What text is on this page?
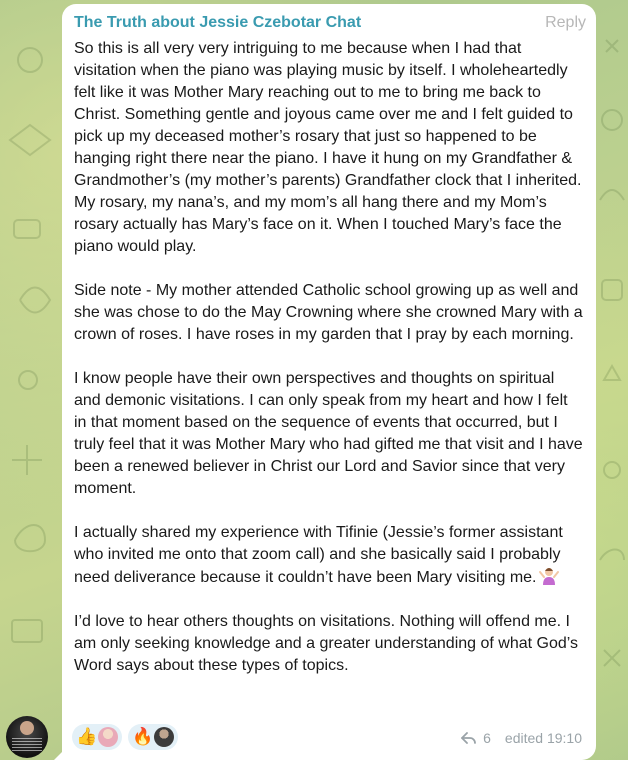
The Truth about Jessie Czebotar Chat	Reply

So this is all very very intriguing to me because when I had that visitation when the piano was playing music by itself. I wholeheartedly felt like it was Mother Mary reaching out to me to bring me back to Christ. Something gentle and joyous came over me and I felt guided to pick up my deceased mother’s rosary that just so happened to be hanging right there near the piano. I have it hung on my Grandfather & Grandmother’s (my mother’s parents) Grandfather clock that I inherited. My rosary, my nana’s, and my mom’s all hang there and my Mom’s rosary actually has Mary’s face on it. When I touched Mary’s face the piano would play.

Side note - My mother attended Catholic school growing up as well and she was chose to do the May Crowning where she crowned Mary with a crown of roses. I have roses in my garden that I pray by each morning.

I know people have their own perspectives and thoughts on spiritual and demonic visitations. I can only speak from my heart and how I felt in that moment based on the sequence of events that occurred, but I truly feel that it was Mother Mary who had gifted me that visit and I have been a renewed believer in Christ our Lord and Savior since that very moment.

I actually shared my experience with Tifinie (Jessie’s former assistant who invited me onto that zoom call) and she basically said I probably need deliverance because it couldn’t have been Mary visiting me.

I’d love to hear others thoughts on visitations. Nothing will offend me. I am only seeking knowledge and a greater understanding of what God’s Word says about these types of topics.

👍 🔥	6 edited 19:10
